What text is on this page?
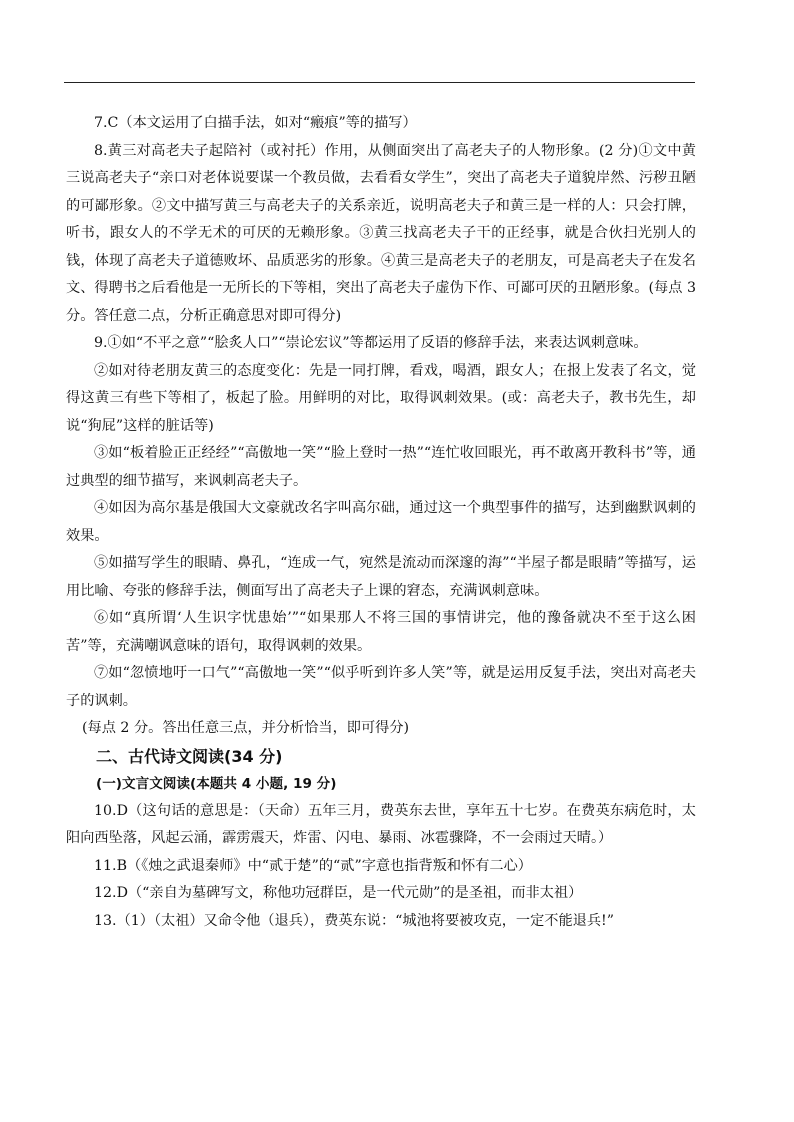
7.C（本文运用了白描手法，如对“瘢痕”等的描写）

8.黄三对高老夫子起陪衬（或衬托）作用，从侧面突出了高老夫子的人物形象。(2 分)①文中黄三说高老夫子“亲口对老体说要谋一个教员做，去看看女学生”，突出了高老夫子道貌岸然、污秽丑陋的可鄙形象。②文中描写黄三与高老夫子的关系亲近，说明高老夫子和黄三是一样的人：只会打牌，听书，跟女人的不学无术的可厌的无赖形象。③黄三找高老夫子干的正经事，就是合伙扫光别人的钱，体现了高老夫子道德败坏、品质恶劣的形象。④黄三是高老夫子的老朋友，可是高老夫子在发名文、得聘书之后看他是一无所长的下等相，突出了高老夫子虚伪下作、可鄙可厌的丑陋形象。(每点 3 分。答任意二点，分析正确意思对即可得分)

9.①如“不平之意”“脍炙人口”“崇论宏议”等都运用了反语的修辞手法，来表达讽刺意味。

②如对待老朋友黄三的态度变化：先是一同打牌，看戏，喝酒，跟女人；在报上发表了名文，觉得这黄三有些下等相了，板起了脸。用鲜明的对比，取得讽刺效果。(或：高老夫子，教书先生，却说“狗屁”这样的脏话等)

③如“板着脸正正经经”“高傲地一笑”“脸上登时一热”“连忙收回眼光，再不敢离开教科书”等，通过典型的细节描写，来讽刺高老夫子。

④如因为高尔基是俄国大文豪就改名字叫高尔础，通过这一个典型事件的描写，达到幽默讽刺的效果。

⑤如描写学生的眼睛、鼻孔，“连成一气，宛然是流动而深邃的海”“半屋子都是眼睛”等描写，运用比喻、夸张的修辞手法，侧面写出了高老夫子上课的窘态，充满讽刺意味。

⑥如“真所谓‘人生识字忧患始’”“如果那人不将三国的事情讲完，他的豫备就决不至于这么困苦”等，充满嘲讽意味的语句，取得讽刺的效果。

⑦如“忽愤地吁一口气”“高傲地一笑”“似乎听到许多人笑”等，就是运用反复手法，突出对高老夫子的讽刺。

(每点 2 分。答出任意三点，并分析恰当，即可得分)

二、古代诗文阅读(34 分)

(一)文言文阅读(本题共 4 小题, 19 分)

10.D（这句话的意思是：（天命）五年三月，费英东去世，享年五十七岁。在费英东病危时，太阳向西坠落，风起云涌，霹雳震天，炸雷、闪电、暴雨、冰雹骤降，不一会雨过天晴。）

11.B（《烛之武退秦师》中“贰于楚”的“贰”字意也指背叛和怀有二心）

12.D（“亲自为墓碑写文，称他功冠群臣，是一代元勋”的是圣祖，而非太祖）

13.（1）（太祖）又命令他（退兵），费英东说：“城池将要被攻克，一定不能退兵!”
